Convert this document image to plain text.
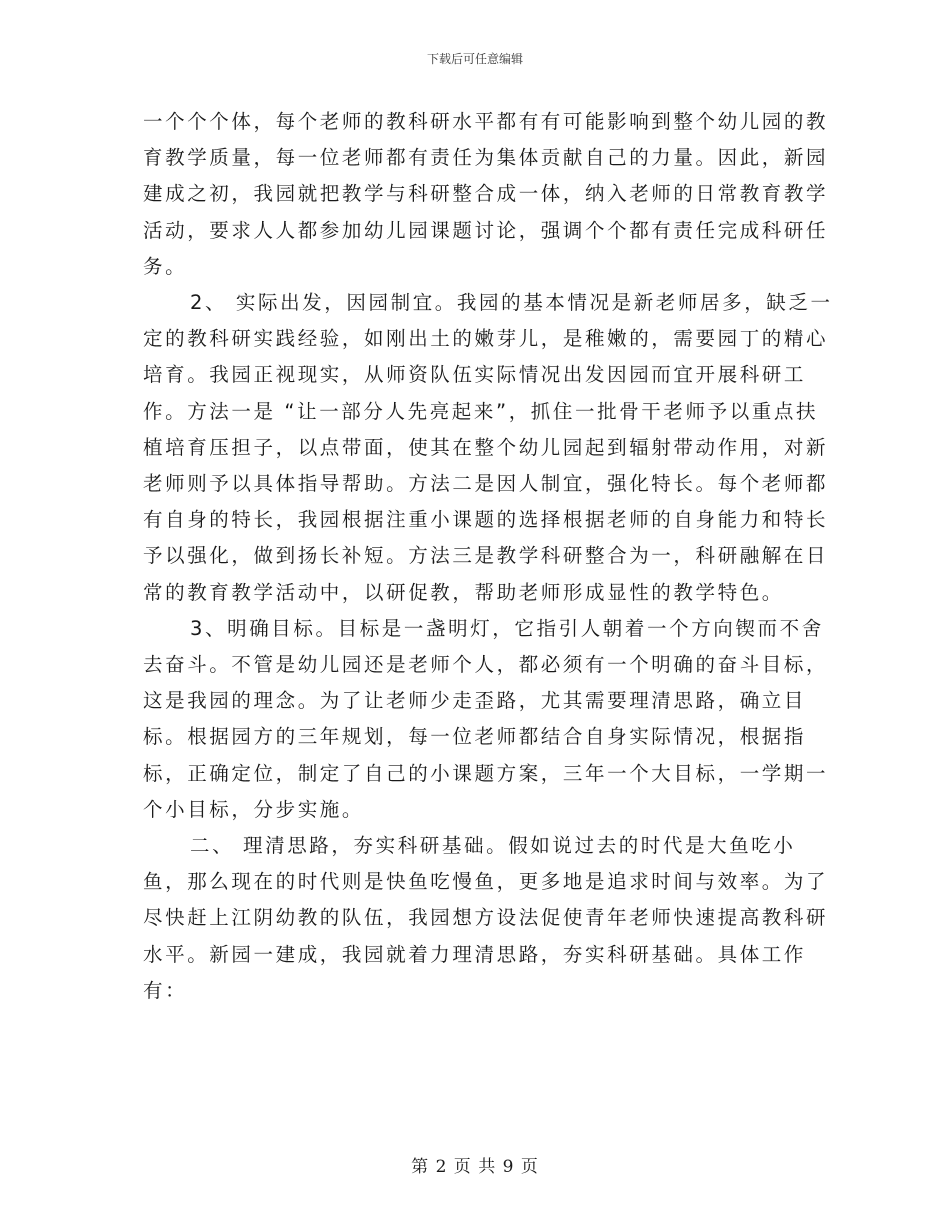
下载后可任意编辑

一个个个体，每个老师的教科研水平都有有可能影响到整个幼儿园的教育教学质量，每一位老师都有责任为集体贡献自己的力量。因此，新园建成之初，我园就把教学与科研整合成一体，纳入老师的日常教育教学活动，要求人人都参加幼儿园课题讨论，强调个个都有责任完成科研任务。

2、 实际出发，因园制宜。我园的基本情况是新老师居多，缺乏一定的教科研实践经验，如刚出土的嫩芽儿，是稚嫩的，需要园丁的精心培育。我园正视现实，从师资队伍实际情况出发因园而宜开展科研工作。方法一是 “让一部分人先亮起来”，抓住一批骨干老师予以重点扶植培育压担子，以点带面，使其在整个幼儿园起到辐射带动作用，对新老师则予以具体指导帮助。方法二是因人制宜，强化特长。每个老师都有自身的特长，我园根据注重小课题的选择根据老师的自身能力和特长予以强化，做到扬长补短。方法三是教学科研整合为一，科研融解在日常的教育教学活动中，以研促教，帮助老师形成显性的教学特色。

3、明确目标。目标是一盏明灯，它指引人朝着一个方向锲而不舍去奋斗。不管是幼儿园还是老师个人，都必须有一个明确的奋斗目标，这是我园的理念。为了让老师少走歪路，尤其需要理清思路，确立目标。根据园方的三年规划，每一位老师都结合自身实际情况，根据指标，正确定位，制定了自己的小课题方案，三年一个大目标，一学期一个小目标，分步实施。

二、 理清思路，夯实科研基础。假如说过去的时代是大鱼吃小鱼，那么现在的时代则是快鱼吃慢鱼，更多地是追求时间与效率。为了尽快赶上江阴幼教的队伍，我园想方设法促使青年老师快速提高教科研水平。新园一建成，我园就着力理清思路，夯实科研基础。具体工作有：

第 2 页 共 9 页
